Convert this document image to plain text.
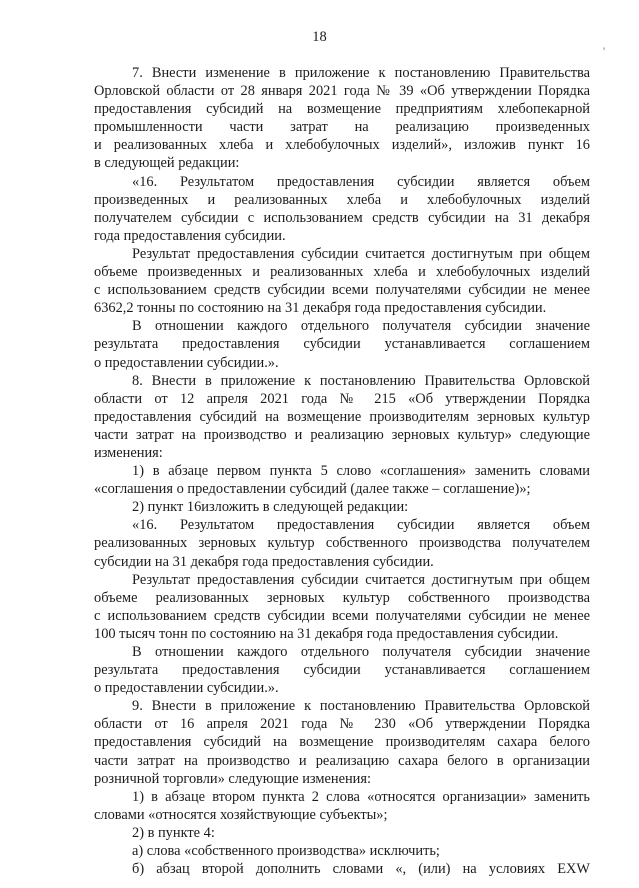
18
'
7. Внести изменение в приложение к постановлению Правительства
Орловской области от 28 января 2021 года № 39 «Об утверждении Порядка
предоставления субсидий на возмещение предприятиям хлебопекарной
промышленности части затрат на реализацию произведенных
и реализованных хлеба и хлебобулочных изделий», изложив пункт 16
в следующей редакции:
«16. Результатом предоставления субсидии является объем
произведенных и реализованных хлеба и хлебобулочных изделий
получателем субсидии с использованием средств субсидии на 31 декабря
года предоставления субсидии.
Результат предоставления субсидии считается достигнутым при общем
объеме произведенных и реализованных хлеба и хлебобулочных изделий
с использованием средств субсидии всеми получателями субсидии не менее
6362,2 тонны по состоянию на 31 декабря года предоставления субсидии.
В отношении каждого отдельного получателя субсидии значение
результата предоставления субсидии устанавливается соглашением
о предоставлении субсидии.».
8. Внести в приложение к постановлению Правительства Орловской
области от 12 апреля 2021 года № 215 «Об утверждении Порядка
предоставления субсидий на возмещение производителям зерновых культур
части затрат на производство и реализацию зерновых культур» следующие
изменения:
1) в абзаце первом пункта 5 слово «соглашения» заменить словами
«соглашения о предоставлении субсидий (далее также – соглашение)»;
2) пункт 16изложить в следующей редакции:
«16. Результатом предоставления субсидии является объем
реализованных зерновых культур собственного производства получателем
субсидии на 31 декабря года предоставления субсидии.
Результат предоставления субсидии считается достигнутым при общем
объеме реализованных зерновых культур собственного производства
с использованием средств субсидии всеми получателями субсидии не менее
100 тысяч тонн по состоянию на 31 декабря года предоставления субсидии.
В отношении каждого отдельного получателя субсидии значение
результата предоставления субсидии устанавливается соглашением
о предоставлении субсидии.».
9. Внести в приложение к постановлению Правительства Орловской
области от 16 апреля 2021 года № 230 «Об утверждении Порядка
предоставления субсидий на возмещение производителям сахара белого
части затрат на производство и реализацию сахара белого в организации
розничной торговли» следующие изменения:
1) в абзаце втором пункта 2 слова «относятся организации» заменить
словами «относятся хозяйствующие субъекты»;
2) в пункте 4:
а) слова «собственного производства» исключить;
б) абзац второй дополнить словами «, (или) на условиях EXW
